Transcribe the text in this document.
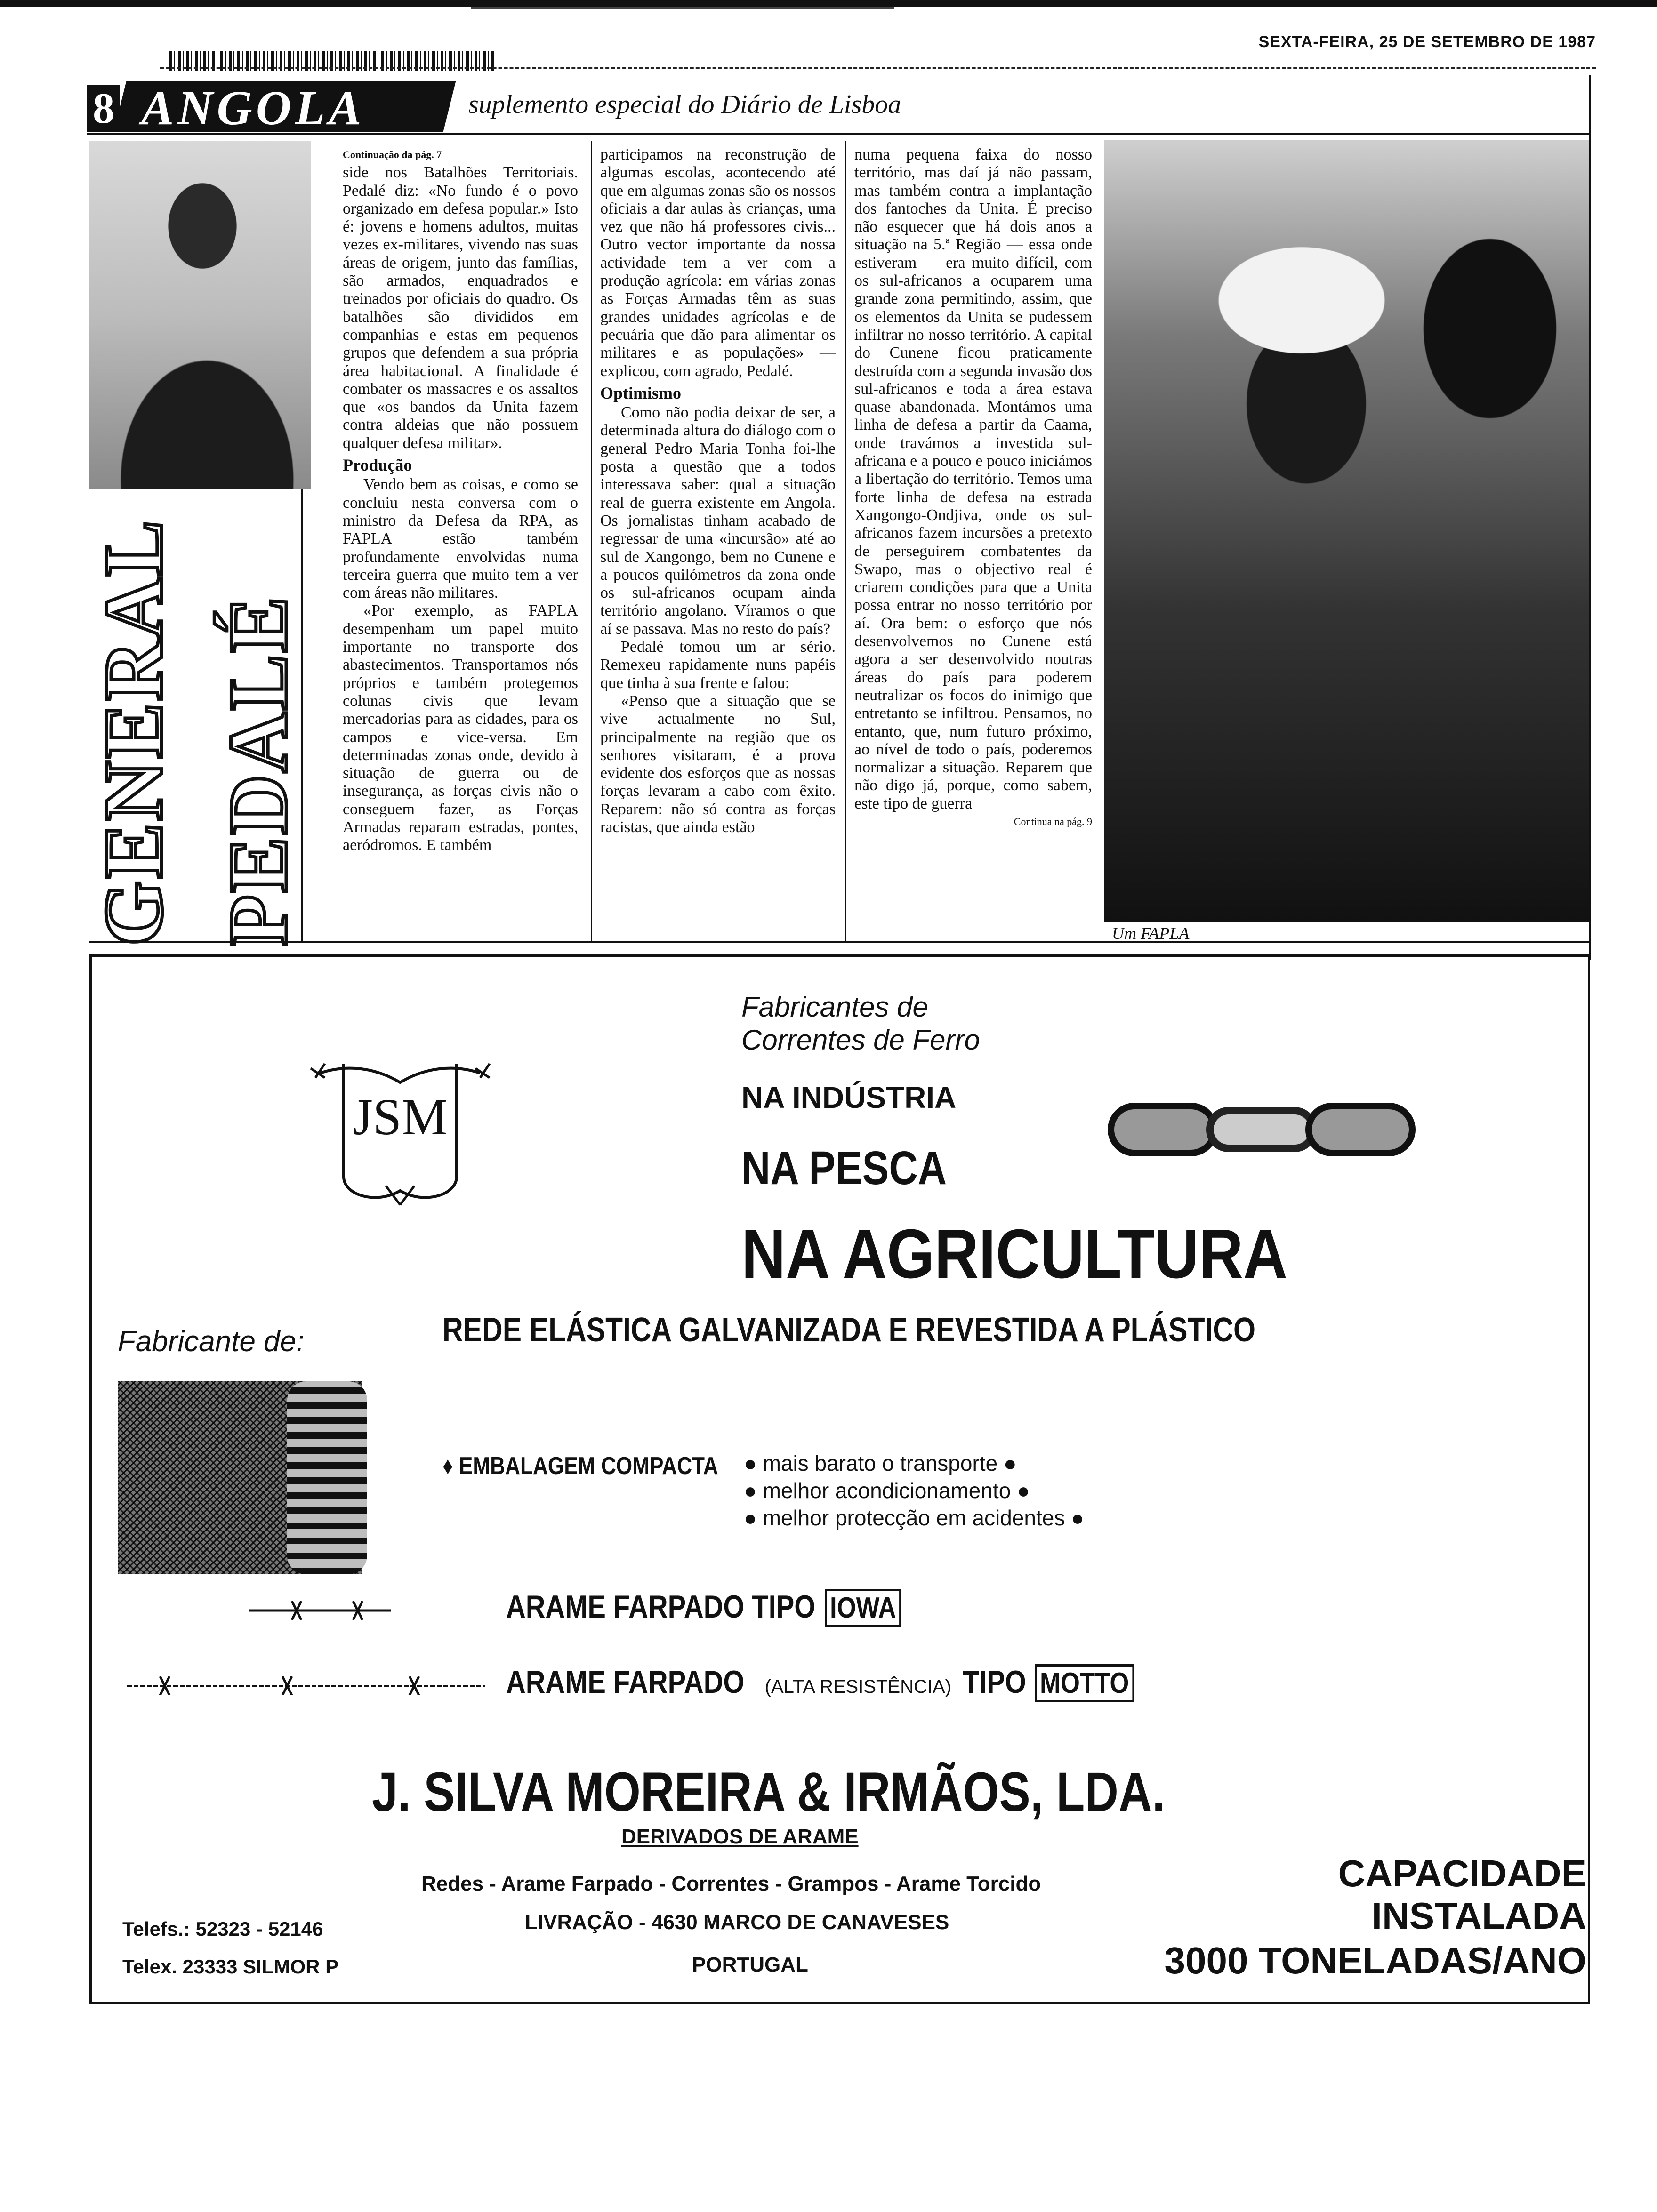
SEXTA-FEIRA, 25 DE SETEMBRO DE 1987
8 ANGOLA	suplemento especial do Diário de Lisboa
Um FAPLA
GENERAL PEDALÉ
Continuação da pág. 7

side nos Batalhões Territoriais. Pedalé diz: «No fundo é o povo organizado em defesa popular.» Isto é: jovens e homens adultos, muitas vezes ex-militares, vivendo nas suas áreas de origem, junto das famílias, são armados, enquadrados e treinados por oficiais do quadro. Os batalhões são divididos em companhias e estas em pequenos grupos que defendem a sua própria área habitacional. A finalidade é combater os massacres e os assaltos que «os bandos da Unita fazem contra aldeias que não possuem qualquer defesa militar».

Produção

Vendo bem as coisas, e como se concluiu nesta conversa com o ministro da Defesa da RPA, as FAPLA estão também profundamente envolvidas numa terceira guerra que muito tem a ver com áreas não militares.

«Por exemplo, as FAPLA desempenham um papel muito importante no transporte dos abastecimentos. Transportamos nós próprios e também protegemos colunas civis que levam mercadorias para as cidades, para os campos e vice-versa. Em determinadas zonas onde, devido à situação de guerra ou de insegurança, as forças civis não o conseguem fazer, as Forças Armadas reparam estradas, pontes, aeródromos. E também

participamos na reconstrução de algumas escolas, acontecendo até que em algumas zonas são os nossos oficiais a dar aulas às crianças, uma vez que não há professores civis... Outro vector importante da nossa actividade tem a ver com a produção agrícola: em várias zonas as Forças Armadas têm as suas grandes unidades agrícolas e de pecuária que dão para alimentar os militares e as populações» — explicou, com agrado, Pedalé.

Optimismo

Como não podia deixar de ser, a determinada altura do diálogo com o general Pedro Maria Tonha foi-lhe posta a questão que a todos interessava saber: qual a situação real de guerra existente em Angola. Os jornalistas tinham acabado de regressar de uma «incursão» até ao sul de Xangongo, bem no Cunene e a poucos quilómetros da zona onde os sul-africanos ocupam ainda território angolano. Víramos o que aí se passava. Mas no resto do país?

Pedalé tomou um ar sério. Remexeu rapidamente nuns papéis que tinha à sua frente e falou:

«Penso que a situação que se vive actualmente no Sul, principalmente na região que os senhores visitaram, é a prova evidente dos esforços que as nossas forças levaram a cabo com êxito. Reparem: não só contra as forças racistas, que ainda estão

numa pequena faixa do nosso território, mas daí já não passam, mas também contra a implantação dos fantoches da Unita. É preciso não esquecer que há dois anos a situação na 5.ª Região — essa onde estiveram — era muito difícil, com os sul-africanos a ocuparem uma grande zona permitindo, assim, que os elementos da Unita se pudessem infiltrar no nosso território. A capital do Cunene ficou praticamente destruída com a segunda invasão dos sul-africanos e toda a área estava quase abandonada. Montámos uma linha de defesa a partir da Caama, onde travámos a investida sul-africana e a pouco e pouco iniciámos a libertação do território. Temos uma forte linha de defesa na estrada Xangongo-Ondjiva, onde os sul-africanos fazem incursões a pretexto de perseguirem combatentes da Swapo, mas o objectivo real é criarem condições para que a Unita possa entrar no nosso território por aí. Ora bem: o esforço que nós desenvolvemos no Cunene está agora a ser desenvolvido noutras áreas do país para poderem neutralizar os focos do inimigo que entretanto se infiltrou. Pensamos, no entanto, que, num futuro próximo, ao nível de todo o país, poderemos normalizar a situação. Reparem que não digo já, porque, como sabem, este tipo de guerra

Continua na pág. 9
JSM
Fabricantes de
Correntes de Ferro
NA INDÚSTRIA
NA PESCA
NA AGRICULTURA
Fabricante de:	REDE ELÁSTICA GALVANIZADA E REVESTIDA A PLÁSTICO
♦ EMBALAGEM COMPACTA ● mais barato o transporte ●
● melhor acondicionamento ●
● melhor protecção em acidentes ●
ARAME FARPADO TIPO IOWA
ARAME FARPADO (ALTA RESISTÊNCIA) TIPO MOTTO
J. SILVA MOREIRA & IRMÃOS, LDA.
DERIVADOS DE ARAME
Redes - Arame Farpado - Correntes - Grampos - Arame Torcido
LIVRAÇÃO - 4630 MARCO DE CANAVESES
PORTUGAL
Telefs.: 52323 - 52146
Telex. 23333 SILMOR P
CAPACIDADE
INSTALADA
3000 TONELADAS/ANO
